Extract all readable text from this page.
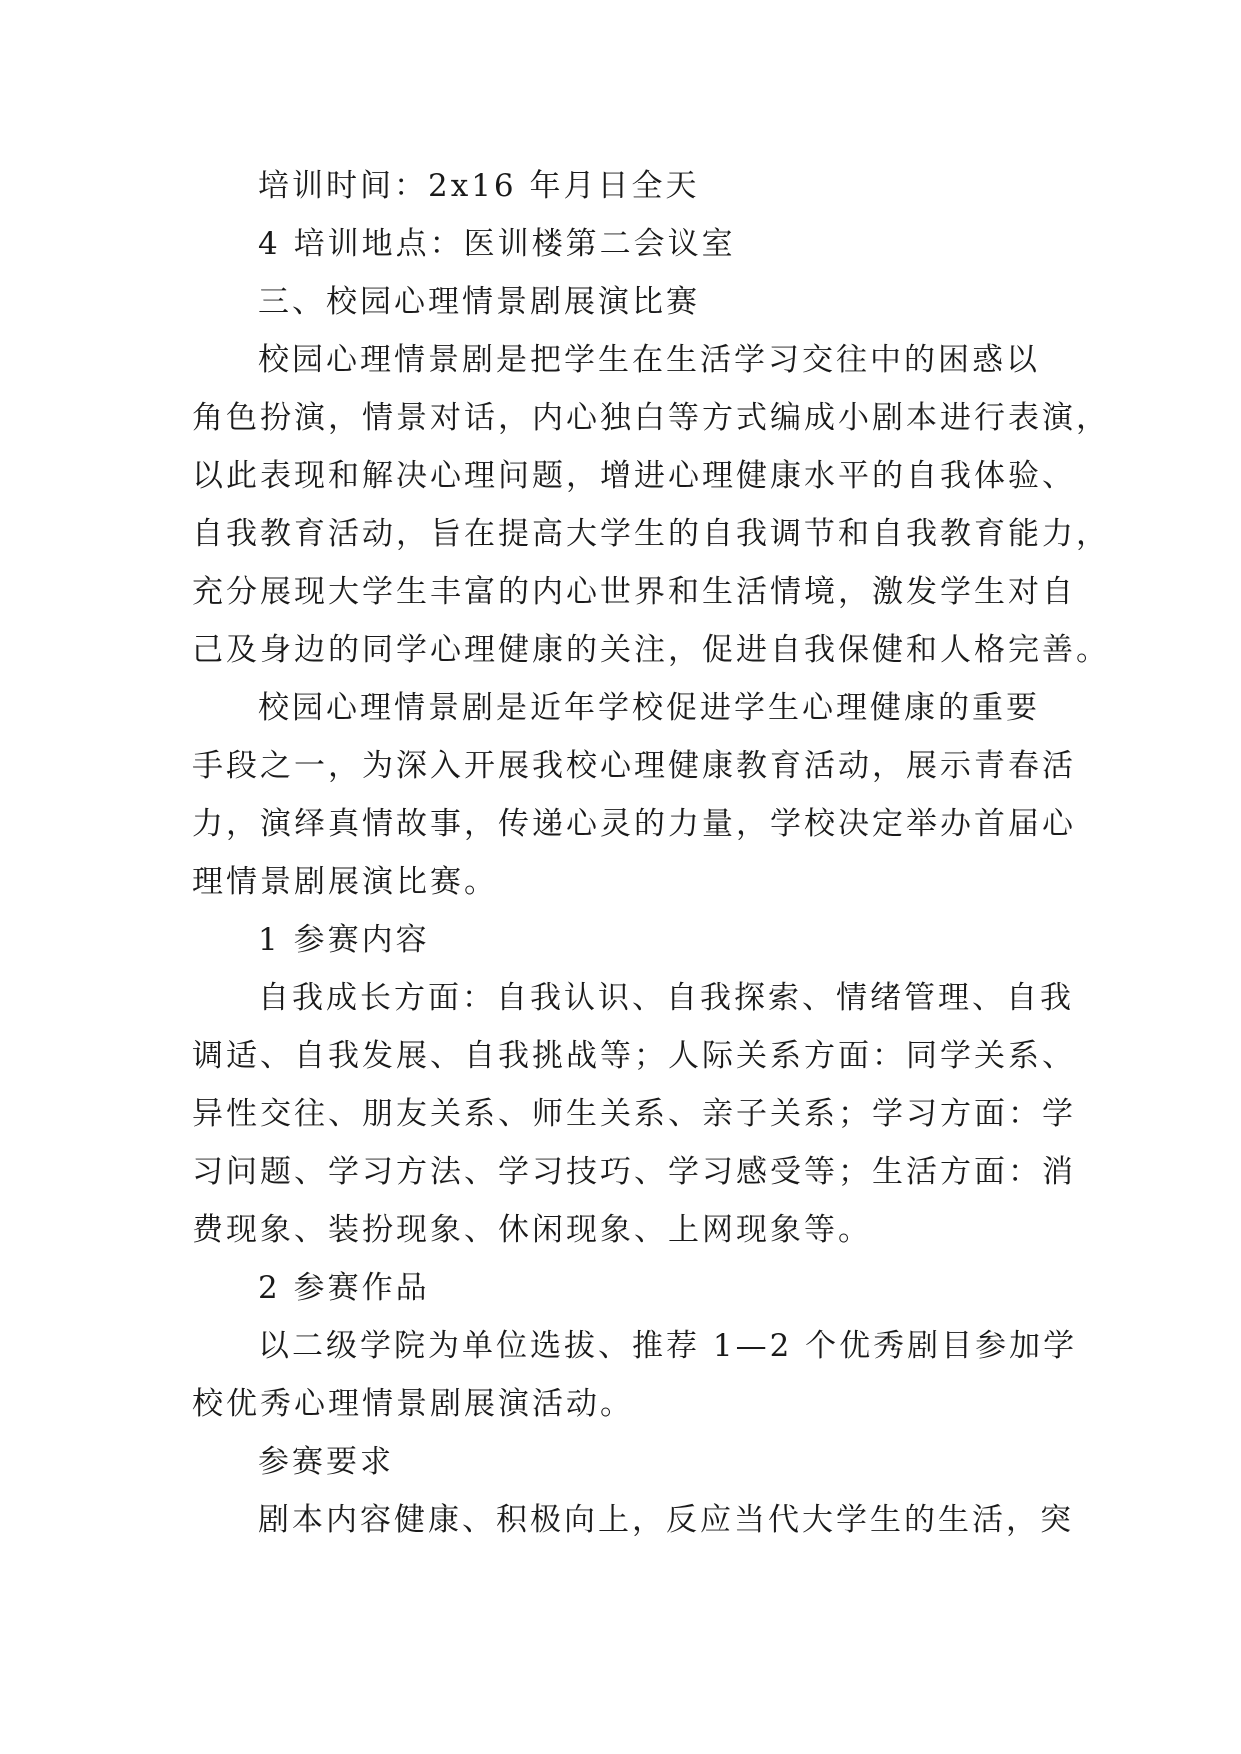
培训时间：2x16 年月日全天
4 培训地点：医训楼第二会议室
三、校园心理情景剧展演比赛
校园心理情景剧是把学生在生活学习交往中的困惑以
角色扮演，情景对话，内心独白等方式编成小剧本进行表演，
以此表现和解决心理问题，增进心理健康水平的自我体验、
自我教育活动，旨在提高大学生的自我调节和自我教育能力，
充分展现大学生丰富的内心世界和生活情境，激发学生对自
己及身边的同学心理健康的关注，促进自我保健和人格完善。
校园心理情景剧是近年学校促进学生心理健康的重要
手段之一，为深入开展我校心理健康教育活动，展示青春活
力，演绎真情故事，传递心灵的力量，学校决定举办首届心
理情景剧展演比赛。
1 参赛内容
自我成长方面：自我认识、自我探索、情绪管理、自我
调适、自我发展、自我挑战等；人际关系方面：同学关系、
异性交往、朋友关系、师生关系、亲子关系；学习方面：学
习问题、学习方法、学习技巧、学习感受等；生活方面：消
费现象、装扮现象、休闲现象、上网现象等。
2 参赛作品
以二级学院为单位选拔、推荐 1—2 个优秀剧目参加学
校优秀心理情景剧展演活动。
参赛要求
剧本内容健康、积极向上，反应当代大学生的生活，突
